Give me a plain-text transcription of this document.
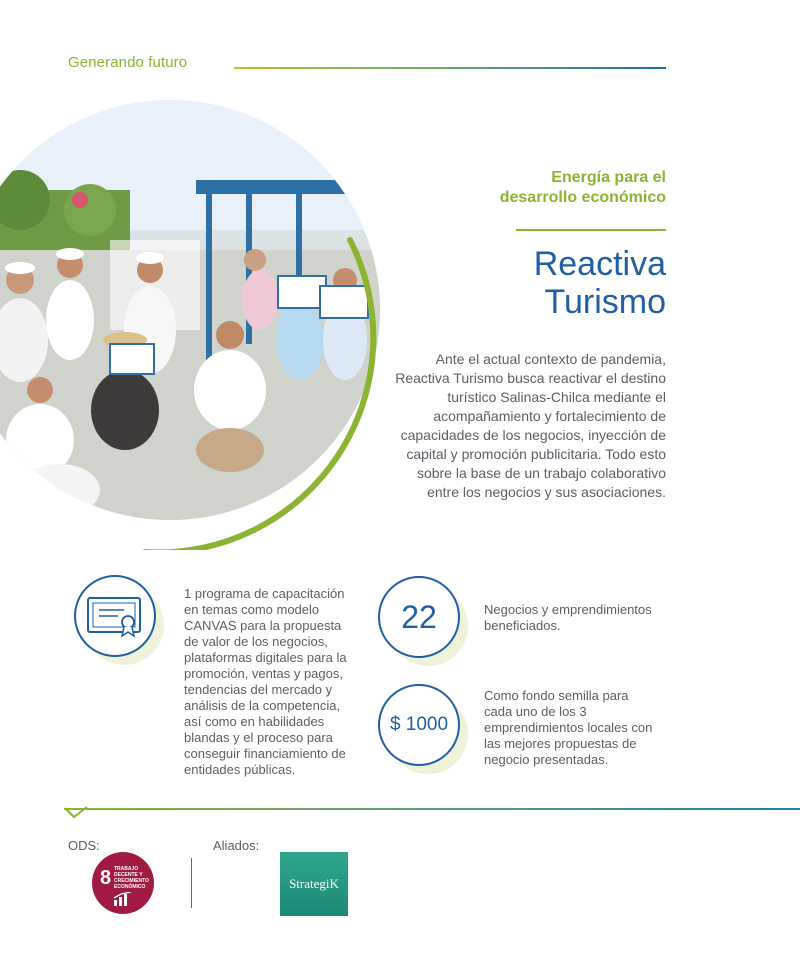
Generando futuro
Energía para el
desarrollo económico
Reactiva
Turismo

Ante el actual contexto de pandemia, Reactiva Turismo busca reactivar el destino turístico Salinas-Chilca mediante el acompañamiento y fortalecimiento de capacidades de los negocios, inyección de capital y promoción publicitaria. Todo esto sobre la base de un trabajo colaborativo entre los negocios y sus asociaciones.

1 programa de capacitación en temas como modelo CANVAS para la propuesta de valor de los negocios, plataformas digitales para la promoción, ventas y pagos, tendencias del mercado y análisis de la competencia, así como en habilidades blandas y el proceso para conseguir financiamiento de entidades públicas.

22	Negocios y emprendimientos beneficiados.

$ 1000

Como fondo semilla para cada uno de los 3 emprendimientos locales con las mejores propuestas de negocio presentadas.

ODS:
8 TRABAJO DECENTE Y CRECIMIENTO ECONÓMICO
Aliados:
StrategiK
